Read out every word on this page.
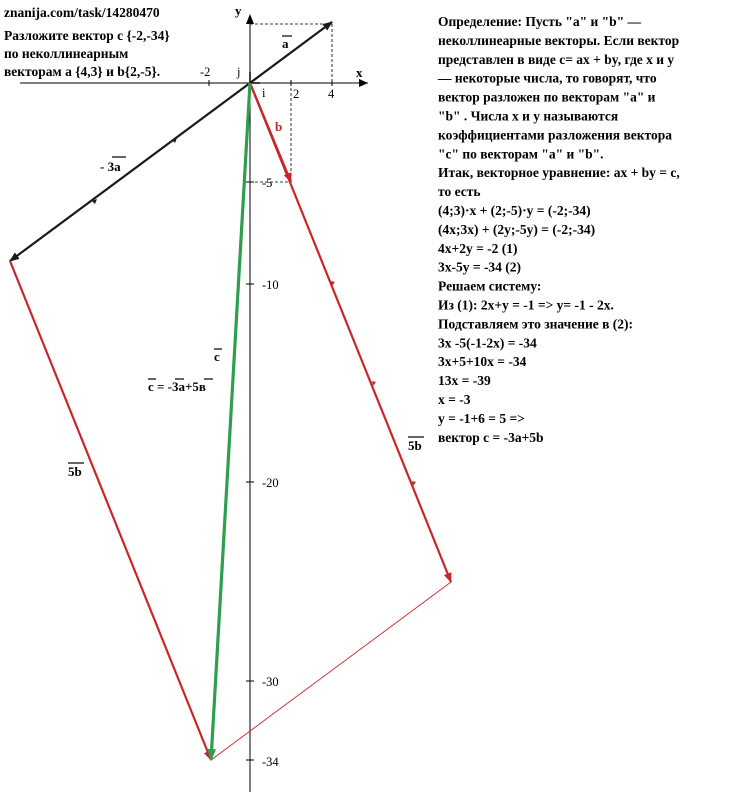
znanija.com/task/14280470
Разложите вектор c {-2,-34}
по неколлинеарным
векторам a {4,3} и b{2,-5}.	x
y
-2
2 4
i
j
-5
-10
-20
-30
-34
a
b
- 3a
c
c = -3a+5в
5b
5b
Определение: Пусть "а" и "b" —
неколлинеарные векторы. Если вектор
представлен в виде с= ах + by, где x и у
— некоторые числа, то говорят, что
вектор разложен по векторам "а" и
"b" . Числа x и у называются
коэффициентами разложения вектора
"с" по векторам "а" и "b".
Итак, векторное уравнение: ax + by = c,
то есть
(4;3)·x + (2;-5)·y = (-2;-34)
(4x;3x) + (2y;-5y) = (-2;-34)
4x+2y = -2 (1)
3x-5y = -34 (2)
Решаем систему:
Из (1): 2x+y = -1 => y= -1 - 2x.
Подставляем это значение в (2):
3x -5(-1-2x) = -34
3x+5+10x = -34
13x = -39
x = -3
y = -1+6 = 5 =>
вектор с = -3a+5b
